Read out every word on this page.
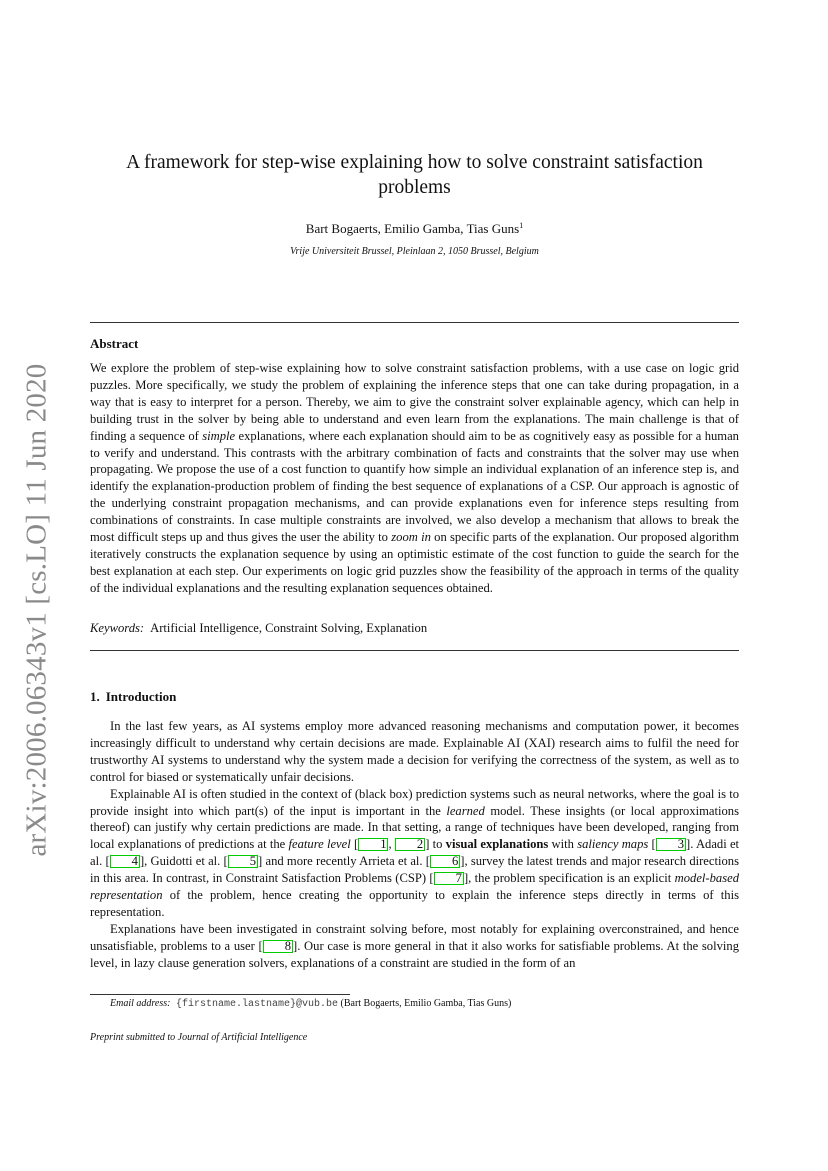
arXiv:2006.06343v1 [cs.LO] 11 Jun 2020
A framework for step-wise explaining how to solve constraint satisfaction problems
Bart Bogaerts, Emilio Gamba, Tias Guns$^1$
Vrije Universiteit Brussel, Pleinlaan 2, 1050 Brussel, Belgium
Abstract

We explore the problem of step-wise explaining how to solve constraint satisfaction problems, with a use case on logic grid puzzles. More specifically, we study the problem of explaining the inference steps that one can take during propagation, in a way that is easy to interpret for a person. Thereby, we aim to give the constraint solver explainable agency, which can help in building trust in the solver by being able to understand and even learn from the explanations. The main challenge is that of finding a sequence of simple explanations, where each explanation should aim to be as cognitively easy as possible for a human to verify and understand. This contrasts with the arbitrary combination of facts and constraints that the solver may use when propagating. We propose the use of a cost function to quantify how simple an individual explanation of an inference step is, and identify the explanation-production problem of finding the best sequence of explanations of a CSP. Our approach is agnostic of the underlying constraint propagation mechanisms, and can provide explanations even for inference steps resulting from combinations of constraints. In case multiple constraints are involved, we also develop a mechanism that allows to break the most difficult steps up and thus gives the user the ability to zoom in on specific parts of the explanation. Our proposed algorithm iteratively constructs the explanation sequence by using an optimistic estimate of the cost function to guide the search for the best explanation at each step. Our experiments on logic grid puzzles show the feasibility of the approach in terms of the quality of the individual explanations and the resulting explanation sequences obtained.

Keywords: Artificial Intelligence, Constraint Solving, Explanation
1. Introduction

In the last few years, as AI systems employ more advanced reasoning mechanisms and computation power, it becomes increasingly difficult to understand why certain decisions are made. Explainable AI (XAI) research aims to fulfil the need for trustworthy AI systems to understand why the system made a decision for verifying the correctness of the system, as well as to control for biased or systematically unfair decisions.

Explainable AI is often studied in the context of (black box) prediction systems such as neural networks, where the goal is to provide insight into which part(s) of the input is important in the learned model. These insights (or local approximations thereof) can justify why certain predictions are made. In that setting, a range of techniques have been developed, ranging from local explanations of predictions at the feature level [ 1 , 2 ] to visual explanations with saliency maps [ 3 ]. Adadi et al. [ 4 ], Guidotti et al. [ 5 ] and more recently Arrieta et al. [ 6 ], survey the latest trends and major research directions in this area. In contrast, in Constraint Satisfaction Problems (CSP) [ 7 ], the problem specification is an explicit model-based representation of the problem, hence creating the opportunity to explain the inference steps directly in terms of this representation.

Explanations have been investigated in constraint solving before, most notably for explaining overconstrained, and hence unsatisfiable, problems to a user [ 8 ]. Our case is more general in that it also works for satisfiable problems. At the solving level, in lazy clause generation solvers, explanations of a constraint are studied in the form of an

Email address: {firstname.lastname}@vub.be (Bart Bogaerts, Emilio Gamba, Tias Guns)
Preprint submitted to Journal of Artificial Intelligence
